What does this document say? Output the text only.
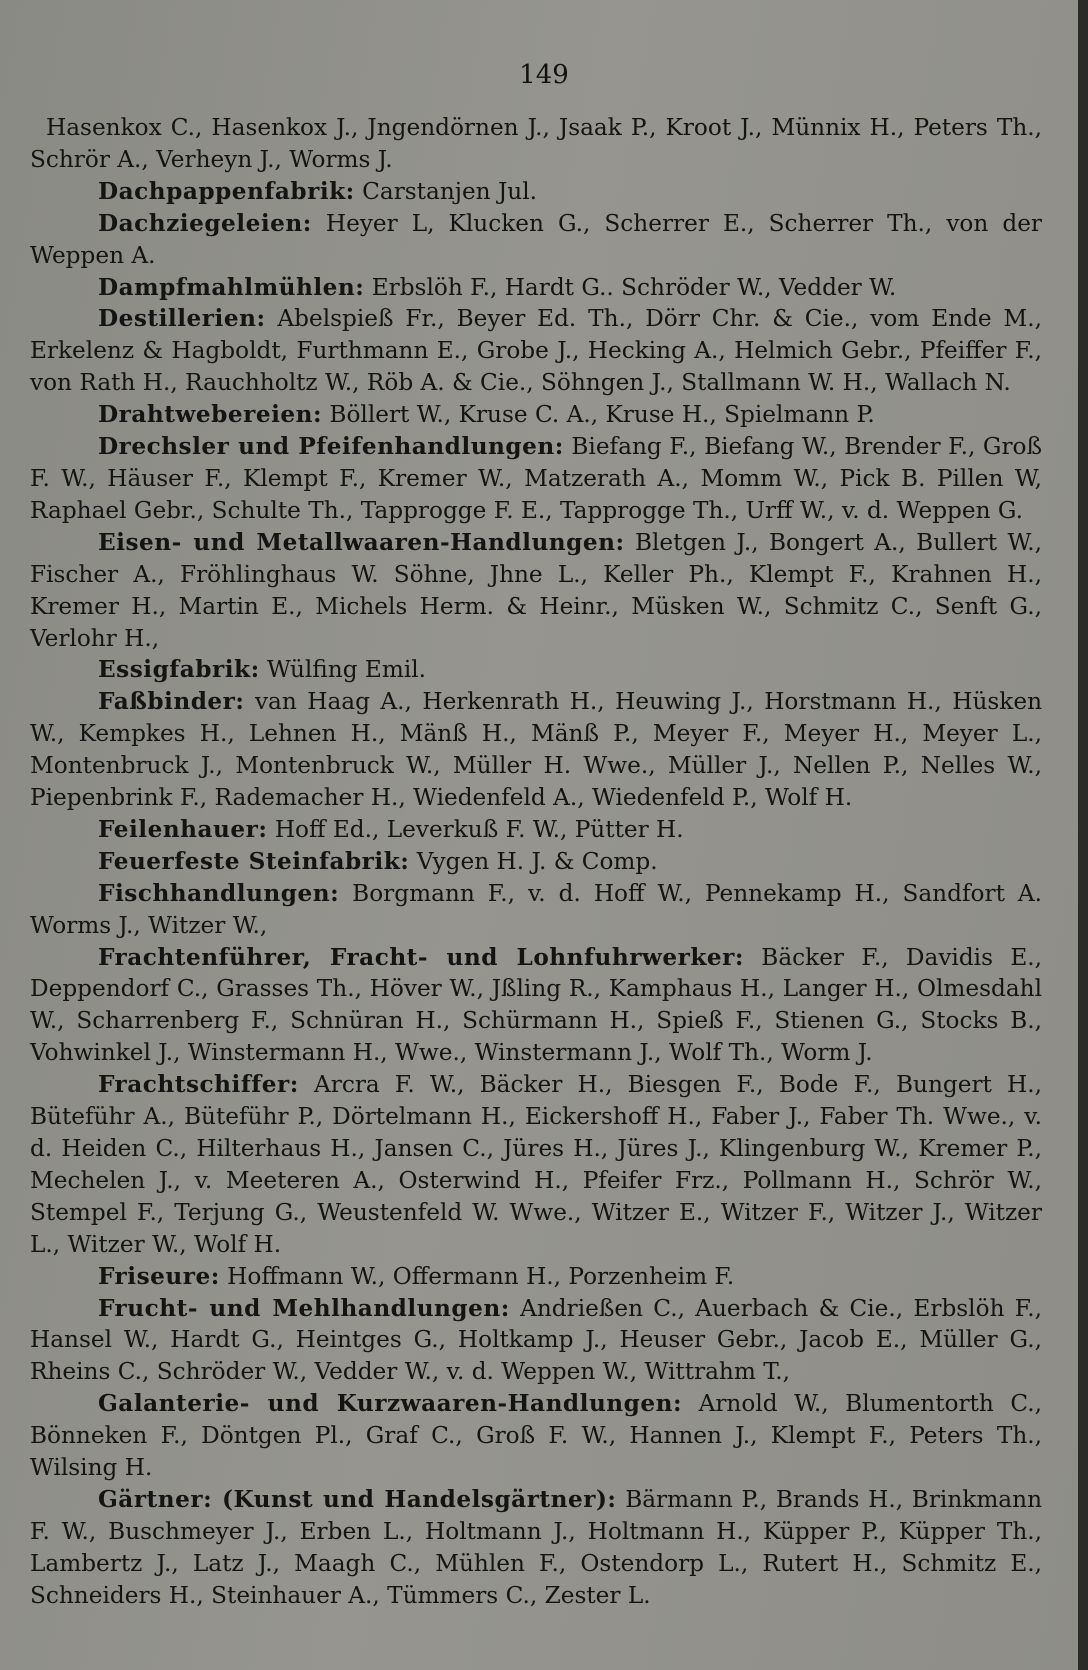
149

Hasenkox C., Hasenkox J., Jngendörnen J., Jsaak P., Kroot J., Münnix H., Peters Th., Schrör A., Verheyn J., Worms J.

Dachpappenfabrik: Carstanjen Jul.

Dachziegeleien: Heyer L, Klucken G., Scherrer E., Scherrer Th., von der Weppen A.

Dampfmahlmühlen: Erbslöh F., Hardt G.. Schröder W., Vedder W.

Destillerien: Abelspieß Fr., Beyer Ed. Th., Dörr Chr. & Cie., vom Ende M., Erkelenz & Hagboldt, Furthmann E., Grobe J., Hecking A., Helmich Gebr., Pfeiffer F., von Rath H., Rauchholtz W., Röb A. & Cie., Söhngen J., Stallmann W. H., Wallach N.

Drahtwebereien: Böllert W., Kruse C. A., Kruse H., Spielmann P.

Drechsler und Pfeifenhandlungen: Biefang F., Biefang W., Brender F., Groß F. W., Häuser F., Klempt F., Kremer W., Matzerath A., Momm W., Pick B. Pillen W, Raphael Gebr., Schulte Th., Tapprogge F. E., Tapprogge Th., Urff W., v. d. Weppen G.

Eisen- und Metallwaaren-Handlungen: Bletgen J., Bongert A., Bullert W., Fischer A., Fröhlinghaus W. Söhne, Jhne L., Keller Ph., Klempt F., Krahnen H., Kremer H., Martin E., Michels Herm. & Heinr., Müsken W., Schmitz C., Senft G., Verlohr H.,

Essigfabrik: Wülfing Emil.

Faßbinder: van Haag A., Herkenrath H., Heuwing J., Horstmann H., Hüsken W., Kempkes H., Lehnen H., Mänß H., Mänß P., Meyer F., Meyer H., Meyer L., Montenbruck J., Montenbruck W., Müller H. Wwe., Müller J., Nellen P., Nelles W., Piepenbrink F., Rademacher H., Wiedenfeld A., Wiedenfeld P., Wolf H.

Feilenhauer: Hoff Ed., Leverkuß F. W., Pütter H.

Feuerfeste Steinfabrik: Vygen H. J. & Comp.

Fischhandlungen: Borgmann F., v. d. Hoff W., Pennekamp H., Sandfort A. Worms J., Witzer W.,

Frachtenführer, Fracht- und Lohnfuhrwerker: Bäcker F., Davidis E., Deppendorf C., Grasses Th., Höver W., Jßling R., Kamphaus H., Langer H., Olmesdahl W., Scharrenberg F., Schnüran H., Schürmann H., Spieß F., Stienen G., Stocks B., Vohwinkel J., Winstermann H., Wwe., Winstermann J., Wolf Th., Worm J.

Frachtschiffer: Arcra F. W., Bäcker H., Biesgen F., Bode F., Bungert H., Büteführ A., Büteführ P., Dörtelmann H., Eickershoff H., Faber J., Faber Th. Wwe., v. d. Heiden C., Hilterhaus H., Jansen C., Jüres H., Jüres J., Klingenburg W., Kremer P., Mechelen J., v. Meeteren A., Osterwind H., Pfeifer Frz., Pollmann H., Schrör W., Stempel F., Terjung G., Weustenfeld W. Wwe., Witzer E., Witzer F., Witzer J., Witzer L., Witzer W., Wolf H.

Friseure: Hoffmann W., Offermann H., Porzenheim F.

Frucht- und Mehlhandlungen: Andrießen C., Auerbach & Cie., Erbslöh F., Hansel W., Hardt G., Heintges G., Holtkamp J., Heuser Gebr., Jacob E., Müller G., Rheins C., Schröder W., Vedder W., v. d. Weppen W., Wittrahm T.,

Galanterie- und Kurzwaaren-Handlungen: Arnold W., Blumentorth C., Bönneken F., Döntgen Pl., Graf C., Groß F. W., Hannen J., Klempt F., Peters Th., Wilsing H.

Gärtner: (Kunst und Handelsgärtner): Bärmann P., Brands H., Brinkmann F. W., Buschmeyer J., Erben L., Holtmann J., Holtmann H., Küpper P., Küpper Th., Lambertz J., Latz J., Maagh C., Mühlen F., Ostendorp L., Rutert H., Schmitz E., Schneiders H., Steinhauer A., Tümmers C., Zester L.
